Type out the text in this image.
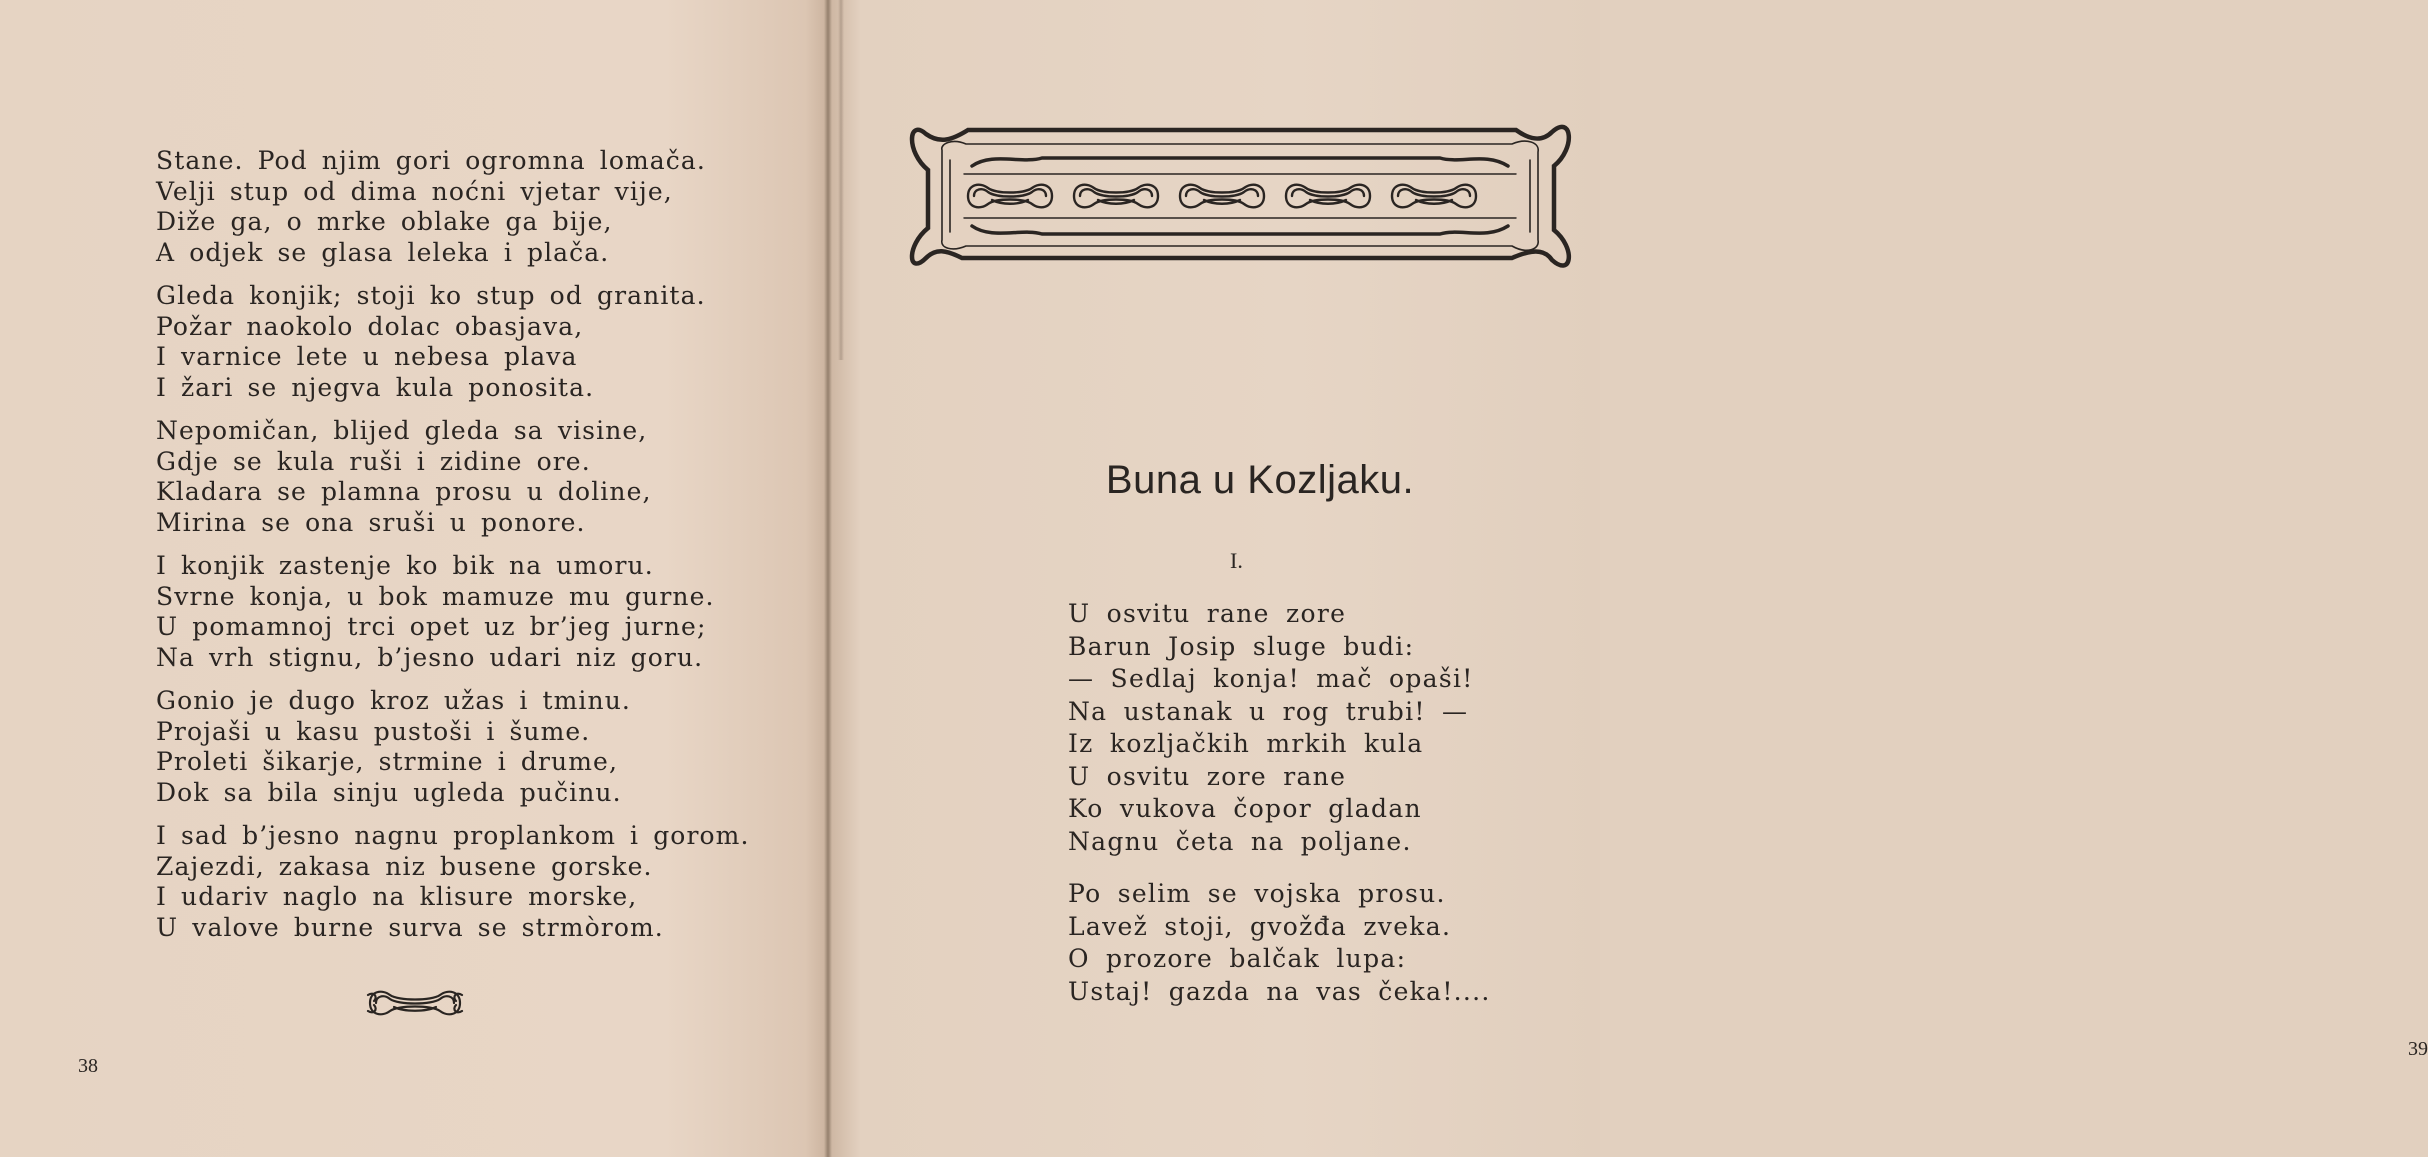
Stane. Pod njim gori ogromna lomača.
Velji stup od dima noćni vjetar vije,
Diže ga, o mrke oblake ga bije,
A odjek se glasa leleka i plača.
Gleda konjik; stoji ko stup od granita.
Požar naokolo dolac obasjava,
I varnice lete u nebesa plava
I žari se njegva kula ponosita.
Nepomičan, blijed gleda sa visine,
Gdje se kula ruši i zidine ore.
Kladara se plamna prosu u doline,
Mirina se ona sruši u ponore.
I konjik zastenje ko bik na umoru.
Svrne konja, u bok mamuze mu gurne.
U pomamnoj trci opet uz br’jeg jurne;
Na vrh stignu, b’jesno udari niz goru.
Gonio je dugo kroz užas i tminu.
Projaši u kasu pustoši i šume.
Proleti šikarje, strmine i drume,
Dok sa bila sinju ugleda pučinu.
I sad b’jesno nagnu proplankom i gorom.
Zajezdi, zakasa niz busene gorske.
I udariv naglo na klisure morske,
U valove burne surva se strmòrom.
38
39
Buna u Kozljaku.
I.
U osvitu rane zore
Barun Josip sluge budi:
— Sedlaj konja! mač opaši!
Na ustanak u rog trubi! —
Iz kozljačkih mrkih kula
U osvitu zore rane
Ko vukova čopor gladan
Nagnu četa na poljane.
Po selim se vojska prosu.
Lavež stoji, gvožđa zveka.
O prozore balčak lupa:
Ustaj! gazda na vas čeka!....
